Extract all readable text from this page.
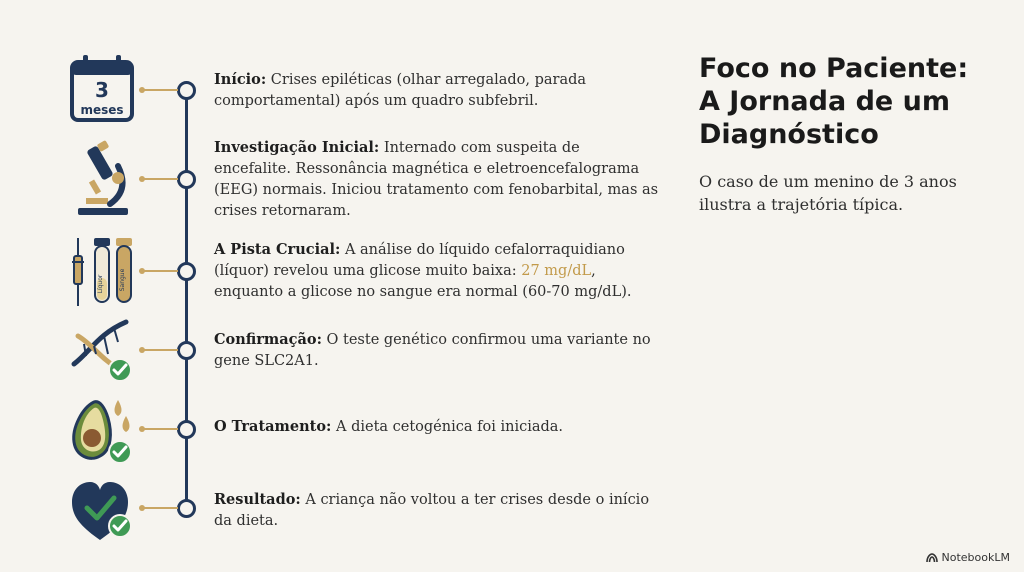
3
meses
Líquor	Sangue
Início: Crises epiléticas (olhar arregalado, parada comportamental) após um quadro subfebril.
Investigação Inicial: Internado com suspeita de encefalite. Ressonância magnética e eletroencefalograma (EEG) normais. Iniciou tratamento com fenobarbital, mas as crises retornaram.
A Pista Crucial: A análise do líquido cefalorraquidiano (líquor) revelou uma glicose muito baixa: 27 mg/dL, enquanto a glicose no sangue era normal (60-70 mg/dL).
Confirmação: O teste genético confirmou uma variante no gene SLC2A1.
O Tratamento: A dieta cetogénica foi iniciada.
Resultado: A criança não voltou a ter crises desde o início da dieta.
Foco no Paciente:
A Jornada de um
Diagnóstico
O caso de um menino de 3 anos ilustra a trajetória típica.
NotebookLM
